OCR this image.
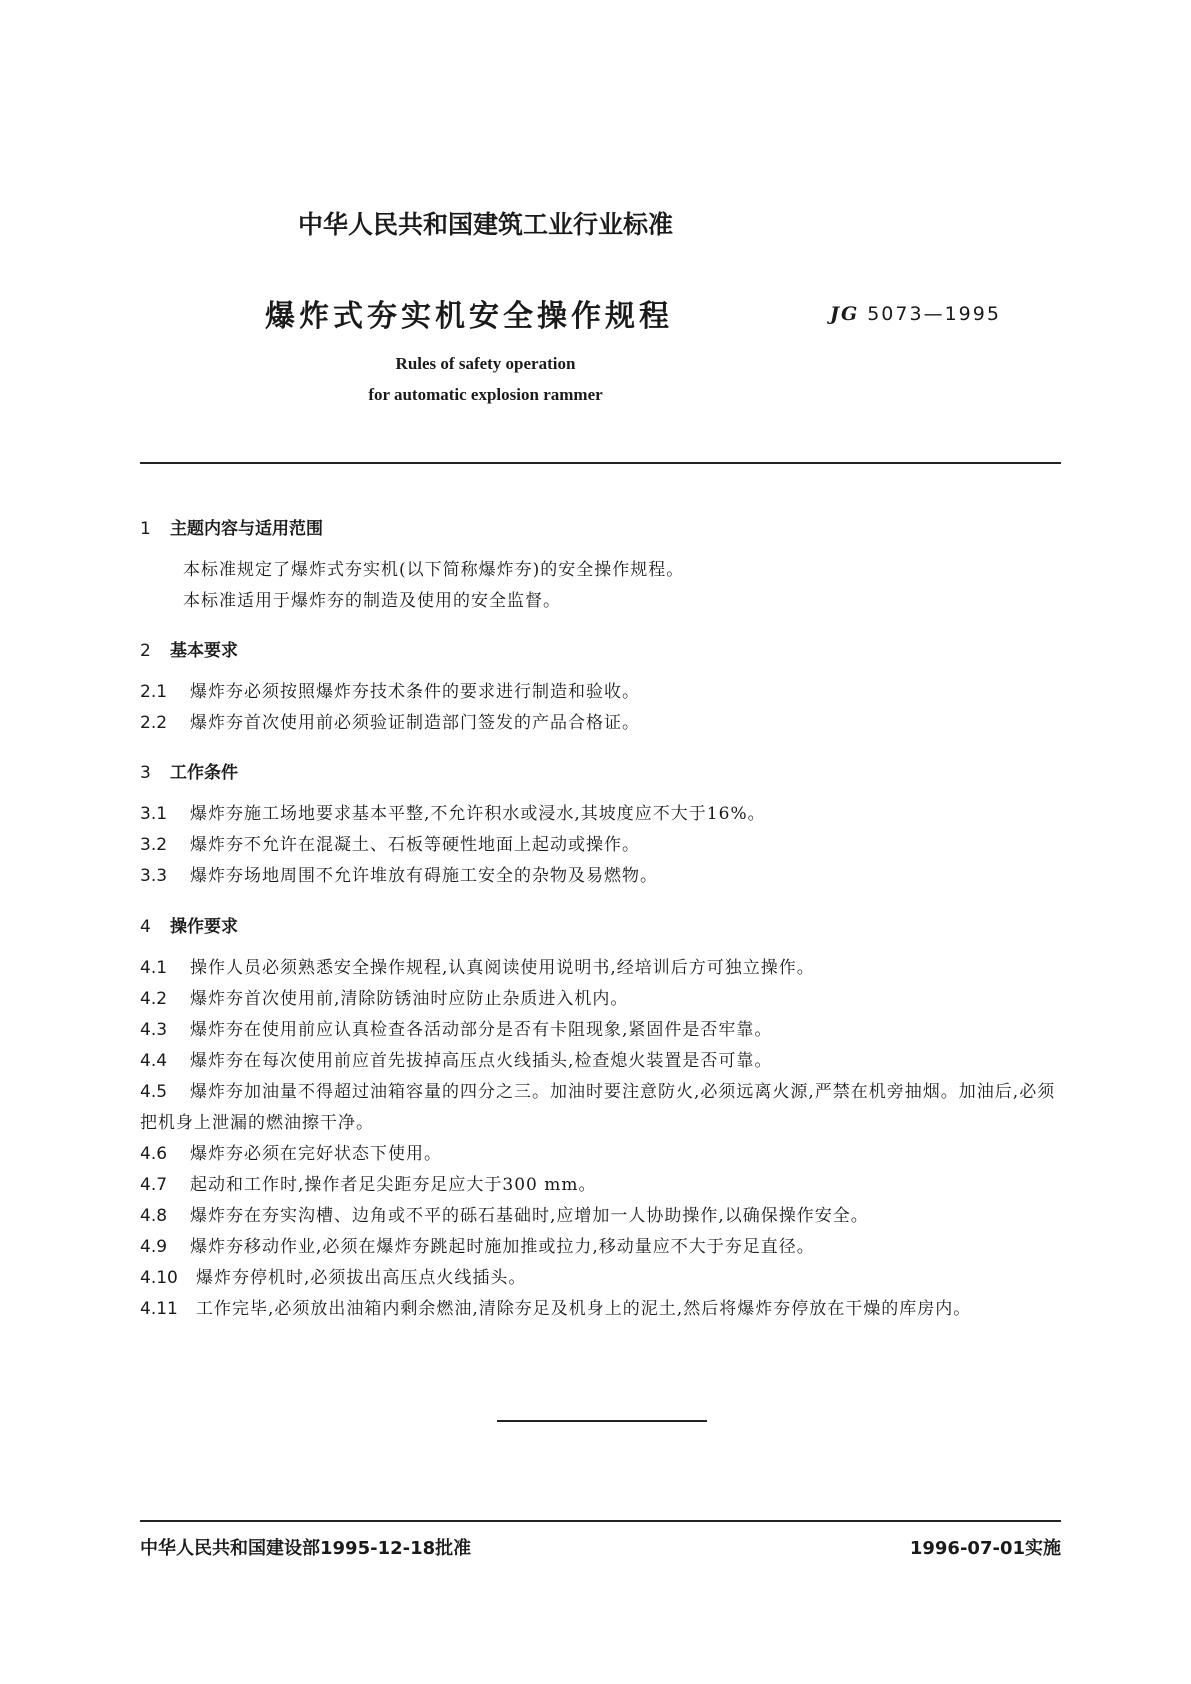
中华人民共和国建筑工业行业标准
爆炸式夯实机安全操作规程	JG 5073—1995
Rules of safety operation
for automatic explosion rammer
1 主题内容与适用范围
本标准规定了爆炸式夯实机(以下简称爆炸夯)的安全操作规程。
本标准适用于爆炸夯的制造及使用的安全监督。
2 基本要求
2.1 爆炸夯必须按照爆炸夯技术条件的要求进行制造和验收。
2.2 爆炸夯首次使用前必须验证制造部门签发的产品合格证。
3 工作条件
3.1 爆炸夯施工场地要求基本平整,不允许积水或浸水,其坡度应不大于16%。
3.2 爆炸夯不允许在混凝土、石板等硬性地面上起动或操作。
3.3 爆炸夯场地周围不允许堆放有碍施工安全的杂物及易燃物。
4 操作要求
4.1 操作人员必须熟悉安全操作规程,认真阅读使用说明书,经培训后方可独立操作。
4.2 爆炸夯首次使用前,清除防锈油时应防止杂质进入机内。
4.3 爆炸夯在使用前应认真检查各活动部分是否有卡阻现象,紧固件是否牢靠。
4.4 爆炸夯在每次使用前应首先拔掉高压点火线插头,检查熄火装置是否可靠。
4.5 爆炸夯加油量不得超过油箱容量的四分之三。加油时要注意防火,必须远离火源,严禁在机旁抽烟。加油后,必须把机身上泄漏的燃油擦干净。
4.6 爆炸夯必须在完好状态下使用。
4.7 起动和工作时,操作者足尖距夯足应大于300 mm。
4.8 爆炸夯在夯实沟槽、边角或不平的砾石基础时,应增加一人协助操作,以确保操作安全。
4.9 爆炸夯移动作业,必须在爆炸夯跳起时施加推或拉力,移动量应不大于夯足直径。
4.10 爆炸夯停机时,必须拔出高压点火线插头。
4.11 工作完毕,必须放出油箱内剩余燃油,清除夯足及机身上的泥土,然后将爆炸夯停放在干燥的库房内。
中华人民共和国建设部1995-12-18批准	1996-07-01实施
